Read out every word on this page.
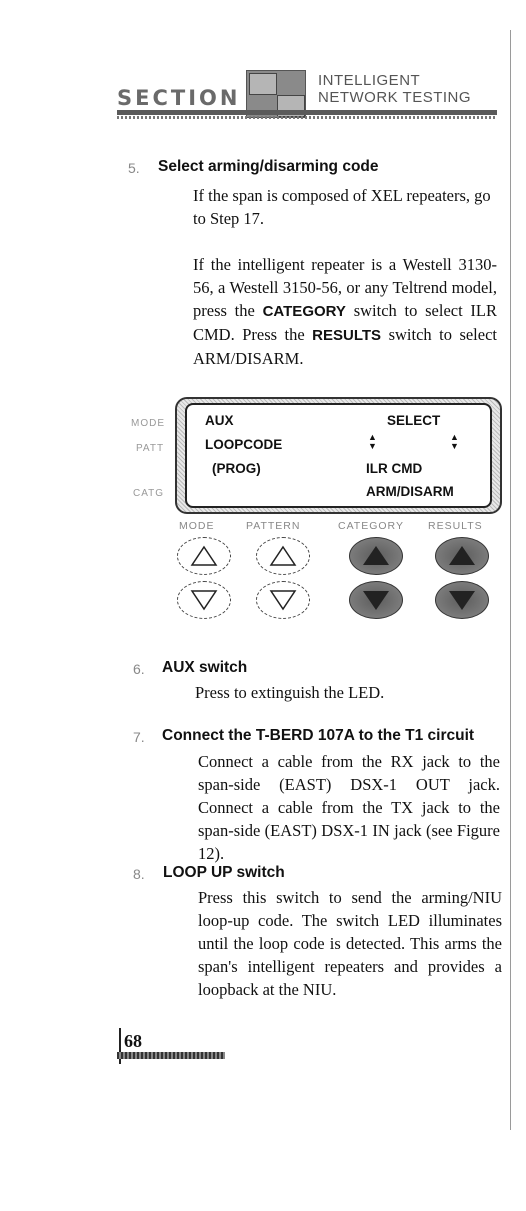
SECTION
INTELLIGENT
NETWORK TESTING
5. Select arming/disarming code

If the span is composed of XEL repeaters, go to Step 17.

If the intelligent repeater is a Westell 3130-56, a Westell 3150-56, or any Teltrend model, press the CATEGORY switch to select ILR CMD. Press the RESULTS switch to select ARM/DISARM.

MODE
PATT
CATG
AUX	SELECT
LOOPCODE	▲▼
▲▼
(PROG)	ILR CMD
ARM/DISARM
MODE	PATTERN	CATEGORY RESULTS
6. AUX switch
Press to extinguish the LED.
7. Connect the T-BERD 107A to the T1 circuit
Connect a cable from the RX jack to the span-side (EAST) DSX-1 OUT jack. Connect a cable from the TX jack to the span-side (EAST) DSX-1 IN jack (see Figure 12).
8. LOOP UP switch
Press this switch to send the arming/NIU loop-up code. The switch LED illuminates until the loop code is detected. This arms the span's intelligent repeaters and provides a loopback at the NIU.
68
